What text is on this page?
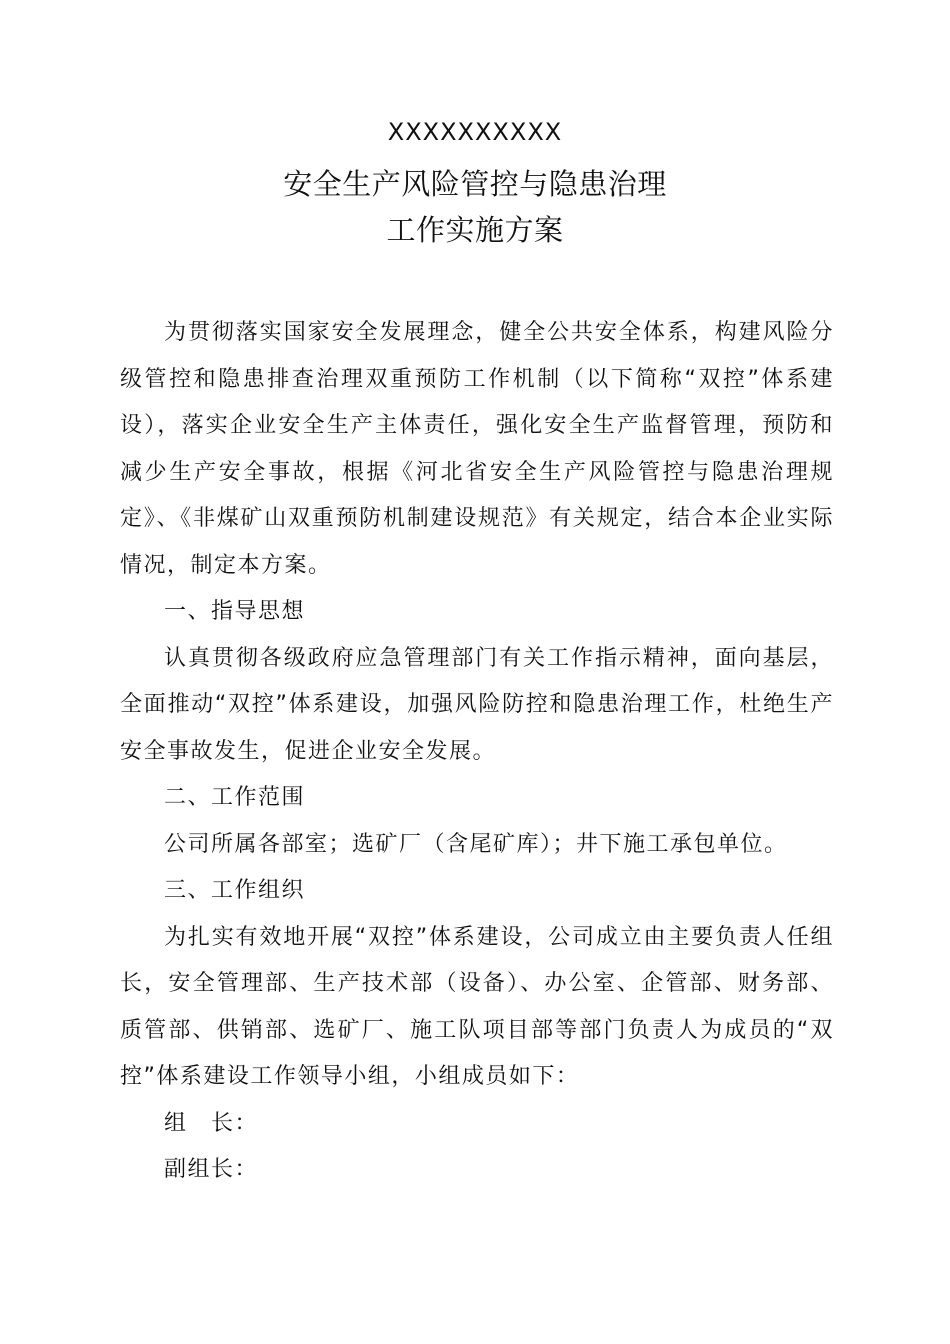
XXXXXXXXXX
安全生产风险管控与隐患治理
工作实施方案

为贯彻落实国家安全发展理念，健全公共安全体系，构建风险分级管控和隐患排查治理双重预防工作机制（以下简称“双控”体系建设），落实企业安全生产主体责任，强化安全生产监督管理，预防和减少生产安全事故，根据《河北省安全生产风险管控与隐患治理规定》、《非煤矿山双重预防机制建设规范》有关规定，结合本企业实际情况，制定本方案。

一、指导思想

认真贯彻各级政府应急管理部门有关工作指示精神，面向基层，全面推动“双控”体系建设，加强风险防控和隐患治理工作，杜绝生产安全事故发生，促进企业安全发展。

二、工作范围

公司所属各部室；选矿厂（含尾矿库）；井下施工承包单位。

三、工作组织

为扎实有效地开展“双控”体系建设，公司成立由主要负责人任组长，安全管理部、生产技术部（设备）、办公室、企管部、财务部、质管部、供销部、选矿厂、施工队项目部等部门负责人为成员的“双控”体系建设工作领导小组，小组成员如下：

组　长：

副组长：
